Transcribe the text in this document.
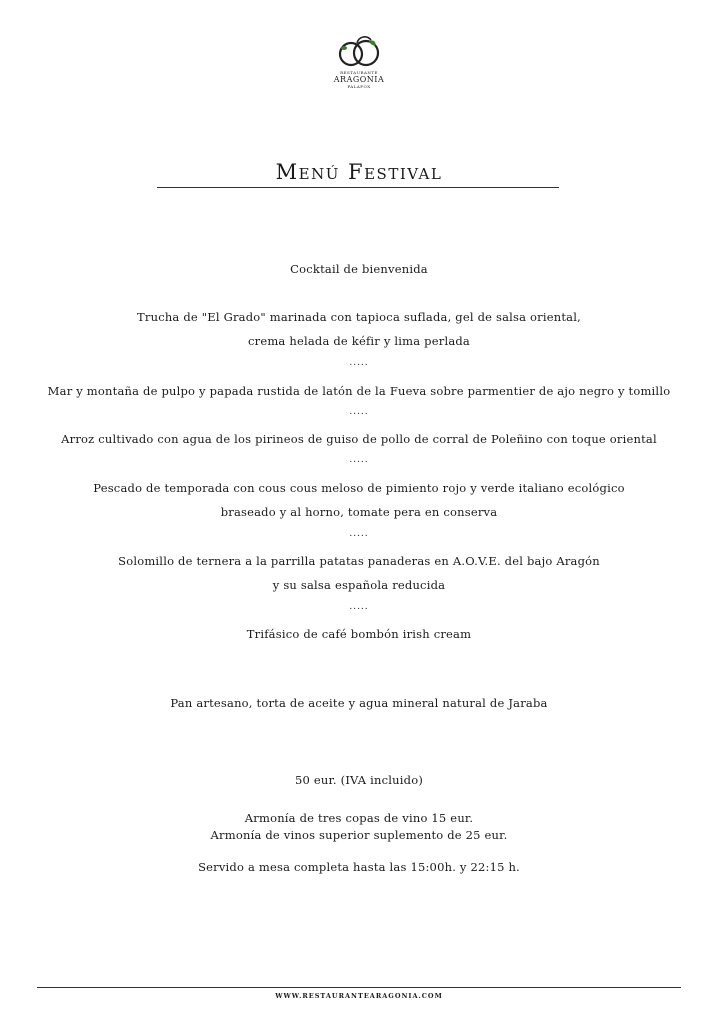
RESTAURANTE
ARAGONIA
PALAFOX
Menú Festival
Cocktail de bienvenida
Trucha de "El Grado" marinada con tapioca suflada, gel de salsa oriental,
crema helada de kéfir y lima perlada
.....
Mar y montaña de pulpo y papada rustida de latón de la Fueva sobre parmentier de ajo negro y tomillo
.....
Arroz cultivado con agua de los pirineos de guiso de pollo de corral de Poleñino con toque oriental
.....
Pescado de temporada con cous cous meloso de pimiento rojo y verde italiano ecológico
braseado y al horno, tomate pera en conserva
.....
Solomillo de ternera a la parrilla patatas panaderas en A.O.V.E. del bajo Aragón
y su salsa española reducida
.....
Trifásico de café bombón irish cream
Pan artesano, torta de aceite y agua mineral natural de Jaraba
50 eur. (IVA incluido)
Armonía de tres copas de vino 15 eur.
Armonía de vinos superior suplemento de 25 eur.
Servido a mesa completa hasta las 15:00h. y 22:15 h.
WWW.RESTAURANTEARAGONIA.COM
